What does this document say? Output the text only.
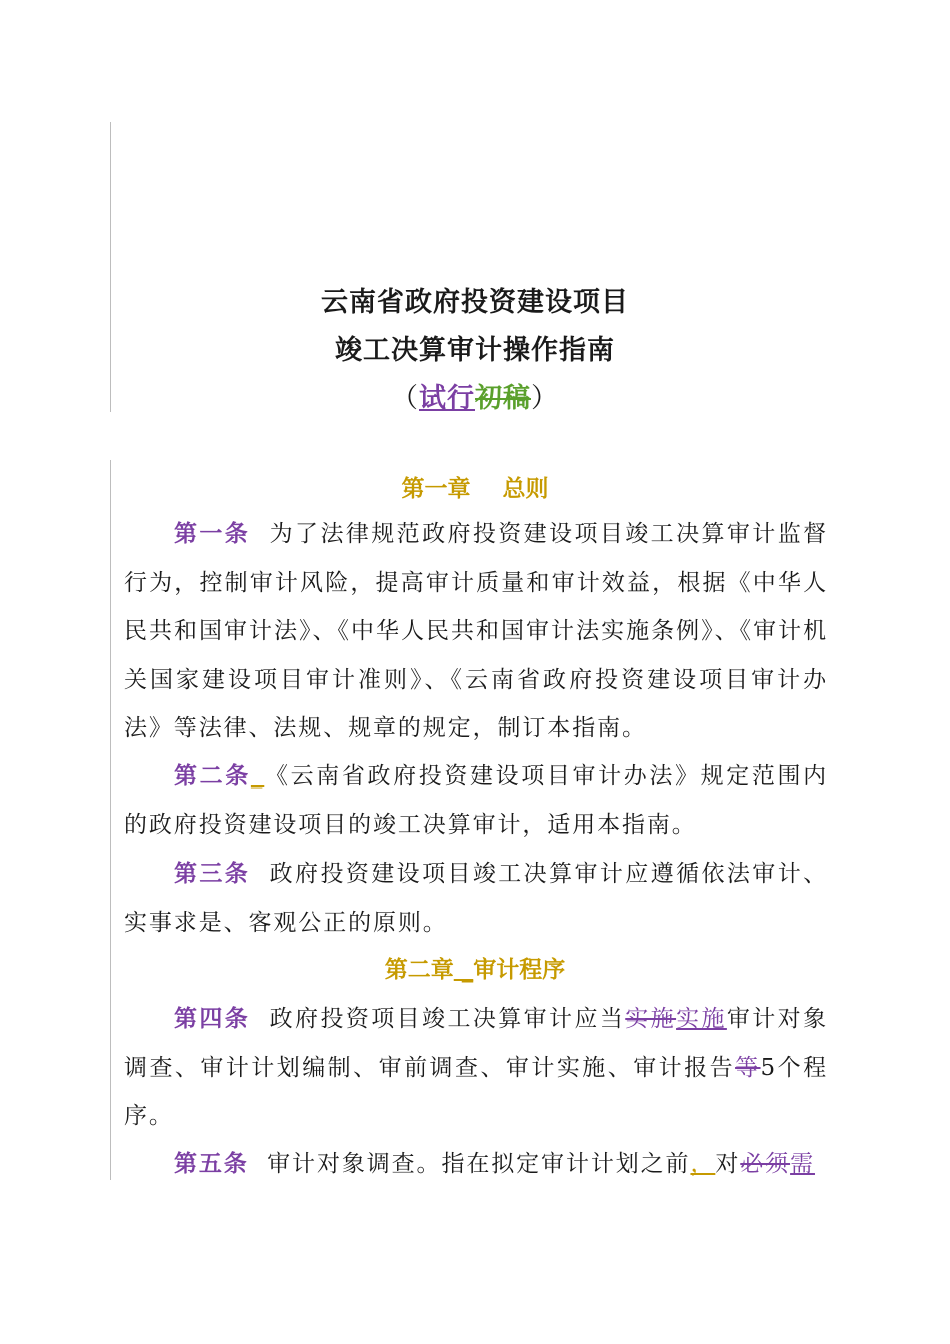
云南省政府投资建设项目
竣工决算审计操作指南
（试行初稿）
第一章 总则
第一条 为了法律规范政府投资建设项目竣工决算审计监督行为，控制审计风险，提高审计质量和审计效益，根据《中华人民共和国审计法》、《中华人民共和国审计法实施条例》、《审计机关国家建设项目审计准则》、《云南省政府投资建设项目审计办法》等法律、法规、规章的规定，制订本指南。
第二条_《云南省政府投资建设项目审计办法》规定范围内的政府投资建设项目的竣工决算审计，适用本指南。
第三条 政府投资建设项目竣工决算审计应遵循依法审计、实事求是、客观公正的原则。
第二章 _审计程序
第四条 政府投资项目竣工决算审计应当实施实施审计对象调查、审计计划编制、审前调查、审计实施、审计报告等5个程序。
第五条 审计对象调查。指在拟定审计计划之前，对必须需
